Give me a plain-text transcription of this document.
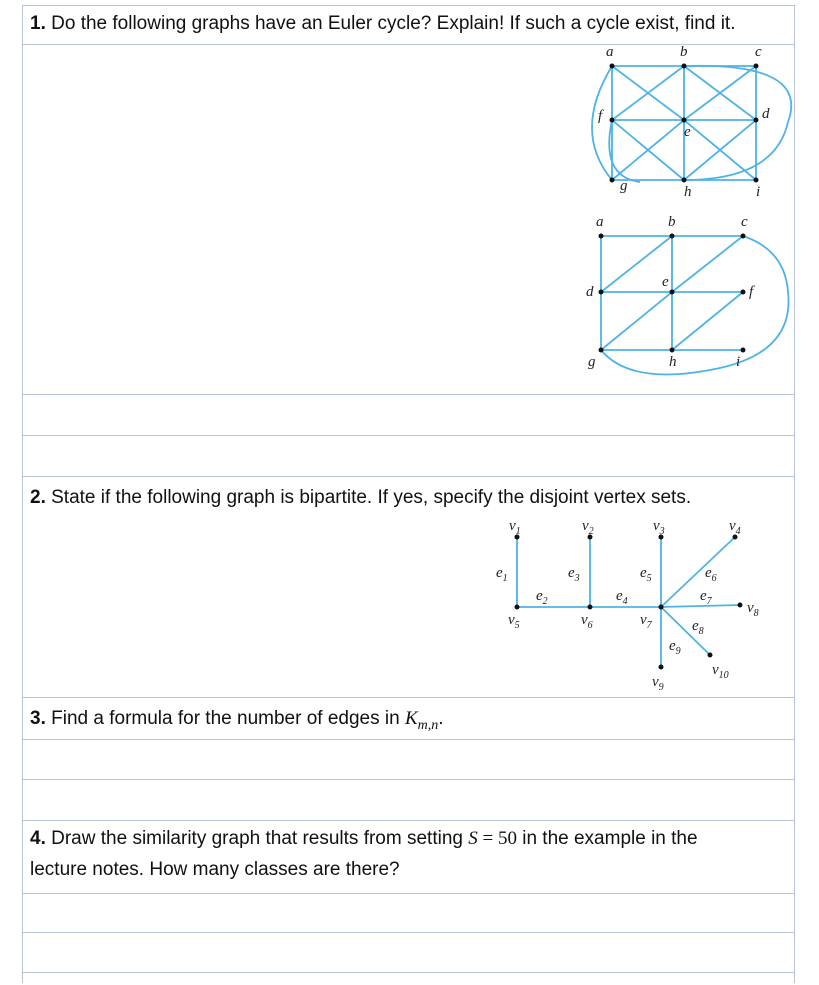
1. Do the following graphs have an Euler cycle? Explain! If such a cycle exist, find it.
a	b	c
d
e
f
g	h	i
a	b	c
d
e
f
g	h	i
2. State if the following graph is bipartite. If yes, specify the disjoint vertex sets.
$v_1$	$v_2$	$v_3$	$v_4$
$v_5$	$v_6$	$v_7$
$v_8$
$v_9$
$v_{10}$
$e_1$
$e_2$
$e_3$
$e_4$
$e_5$	$e_6$
$e_7$
$e_8$
$e_9$
3. Find a formula for the number of edges in $K_{m,n}$.
4. Draw the similarity graph that results from setting S = 50 in the example in the
lecture notes. How many classes are there?
